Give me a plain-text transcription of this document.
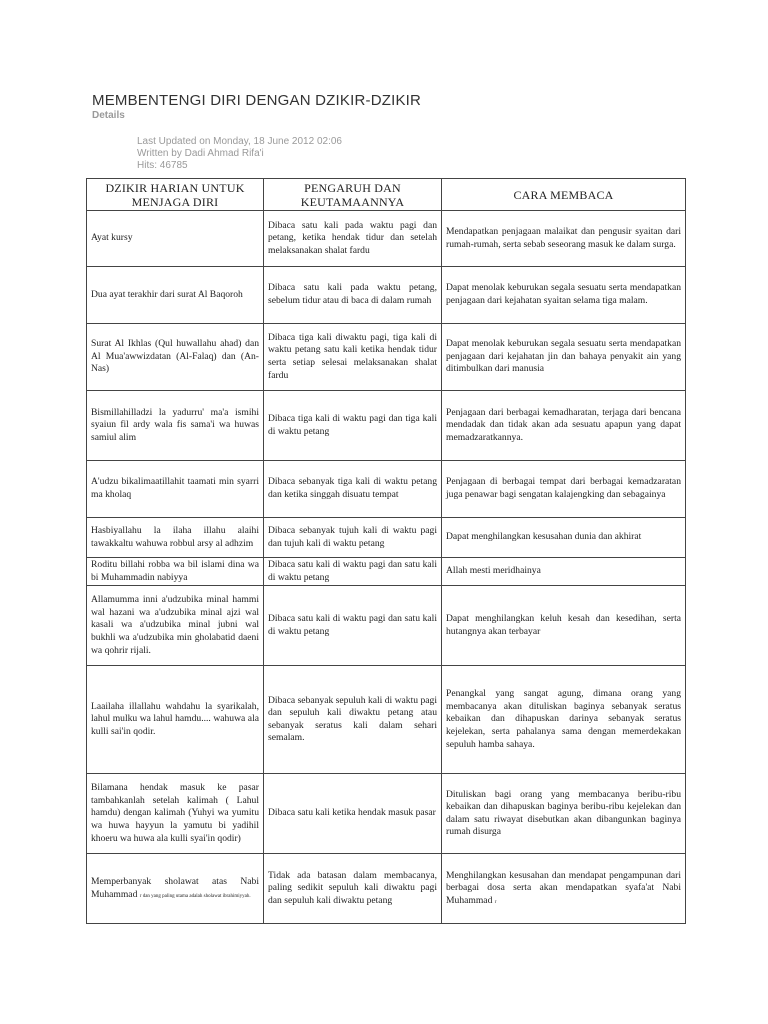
MEMBENTENGI DIRI DENGAN DZIKIR-DZIKIR
Details
Last Updated on Monday, 18 June 2012 02:06
Written by Dadi Ahmad Rifa'i
Hits: 46785
DZIKIR HARIAN UNTUK MENJAGA DIRI	PENGARUH DAN KEUTAMAANNYA	CARA MEMBACA
Ayat kursy	Dibaca satu kali pada waktu pagi dan petang, ketika hendak tidur dan setelah melaksanakan shalat fardu	Mendapatkan penjagaan malaikat dan pengusir syaitan dari rumah-rumah, serta sebab seseorang masuk ke dalam surga.
Dua ayat terakhir dari surat Al Baqoroh	Dibaca satu kali pada waktu petang, sebelum tidur atau di baca di dalam rumah	Dapat menolak keburukan segala sesuatu serta mendapatkan penjagaan dari kejahatan syaitan selama tiga malam.
Surat Al Ikhlas (Qul huwallahu ahad) dan Al Mua'awwizdatan (Al-Falaq) dan (An-Nas)	Dibaca tiga kali diwaktu pagi, tiga kali di waktu petang satu kali ketika hendak tidur serta setiap selesai melaksanakan shalat fardu	Dapat menolak keburukan segala sesuatu serta mendapatkan penjagaan dari kejahatan jin dan bahaya penyakit ain yang ditimbulkan dari manusia
Bismillahilladzi la yadurru' ma'a ismihi syaiun fil ardy wala fis sama'i wa huwas samiul alim	Dibaca tiga kali di waktu pagi dan tiga kali di waktu petang	Penjagaan dari berbagai kemadharatan, terjaga dari bencana mendadak dan tidak akan ada sesuatu apapun yang dapat memadzaratkannya.
A'udzu bikalimaatillahit taamati min syarri ma kholaq	Dibaca sebanyak tiga kali di waktu petang dan ketika singgah disuatu tempat	Penjagaan di berbagai tempat dari berbagai kemadzaratan juga penawar bagi sengatan kalajengking dan sebagainya
Hasbiyallahu la ilaha illahu alaihi tawakkaltu wahuwa robbul arsy al adhzim	Dibaca sebanyak tujuh kali di waktu pagi dan tujuh kali di waktu petang	Dapat menghilangkan kesusahan dunia dan akhirat
Roditu billahi robba wa bil islami dina wa bi Muhammadin nabiyya	Dibaca satu kali di waktu pagi dan satu kali di waktu petang	Allah mesti meridhainya
Allamumma inni a'udzubika minal hammi wal hazani wa a'udzubika minal ajzi wal kasali wa a'udzubika minal jubni wal bukhli wa a'udzubika min gholabatid daeni wa qohrir rijali.	Dibaca satu kali di waktu pagi dan satu kali di waktu petang	Dapat menghilangkan keluh kesah dan kesedihan, serta hutangnya akan terbayar
Laailaha illallahu wahdahu la syarikalah, lahul mulku wa lahul hamdu.... wahuwa ala kulli sai'in qodir.	Dibaca sebanyak sepuluh kali di waktu pagi dan sepuluh kali diwaktu petang atau sebanyak seratus kali dalam sehari semalam.	Penangkal yang sangat agung, dimana orang yang membacanya akan dituliskan baginya sebanyak seratus kebaikan dan dihapuskan darinya sebanyak seratus kejelekan, serta pahalanya sama dengan memerdekakan sepuluh hamba sahaya.
Bilamana hendak masuk ke pasar tambahkanlah setelah kalimah ( Lahul hamdu) dengan kalimah (Yuhyi wa yumitu wa huwa hayyun la yamutu bi yadihil khoeru wa huwa ala kulli syai'in qodir)	Dibaca satu kali ketika hendak masuk pasar	Dituliskan bagi orang yang membacanya beribu-ribu kebaikan dan dihapuskan baginya beribu-ribu kejelekan dan dalam satu riwayat disebutkan akan dibangunkan baginya rumah disurga
Memperbanyak sholawat atas Nabi Muhammad r dan yang paling utama adalah sholawat ibrahimiyyah.	Tidak ada batasan dalam membacanya, paling sedikit sepuluh kali diwaktu pagi dan sepuluh kali diwaktu petang	Menghilangkan kesusahan dan mendapat pengampunan dari berbagai dosa serta akan mendapatkan syafa'at Nabi Muhammad r
